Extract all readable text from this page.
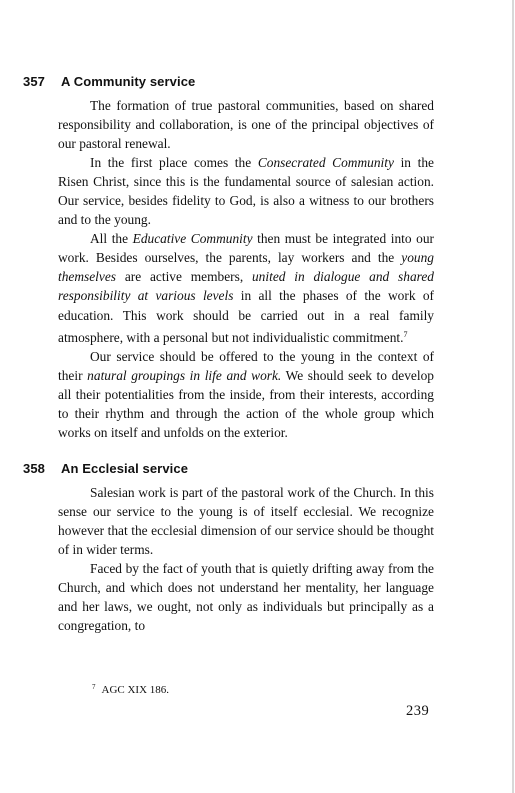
357	A Community service

The formation of true pastoral communities, based on shared responsibility and collaboration, is one of the principal objectives of our pastoral renewal.

In the first place comes the Consecrated Community in the Risen Christ, since this is the fundamental source of salesian action. Our service, besides fidelity to God, is also a witness to our brothers and to the young.

All the Educative Community then must be integrated into our work. Besides ourselves, the parents, lay workers and the young themselves are active members, united in dialogue and shared responsibility at various levels in all the phases of the work of education. This work should be carried out in a real family atmosphere, with a personal but not individualistic commitment.$^7$

Our service should be offered to the young in the context of their natural groupings in life and work. We should seek to develop all their potentialities from the inside, from their interests, according to their rhythm and through the action of the whole group which works on itself and unfolds on the exterior.

358	An Ecclesial service

Salesian work is part of the pastoral work of the Church. In this sense our service to the young is of itself ecclesial. We recognize however that the ecclesial dimension of our service should be thought of in wider terms.

Faced by the fact of youth that is quietly drifting away from the Church, and which does not understand her mentality, her language and her laws, we ought, not only as individuals but principally as a congregation, to

$^7$ AGC XIX 186.
239
